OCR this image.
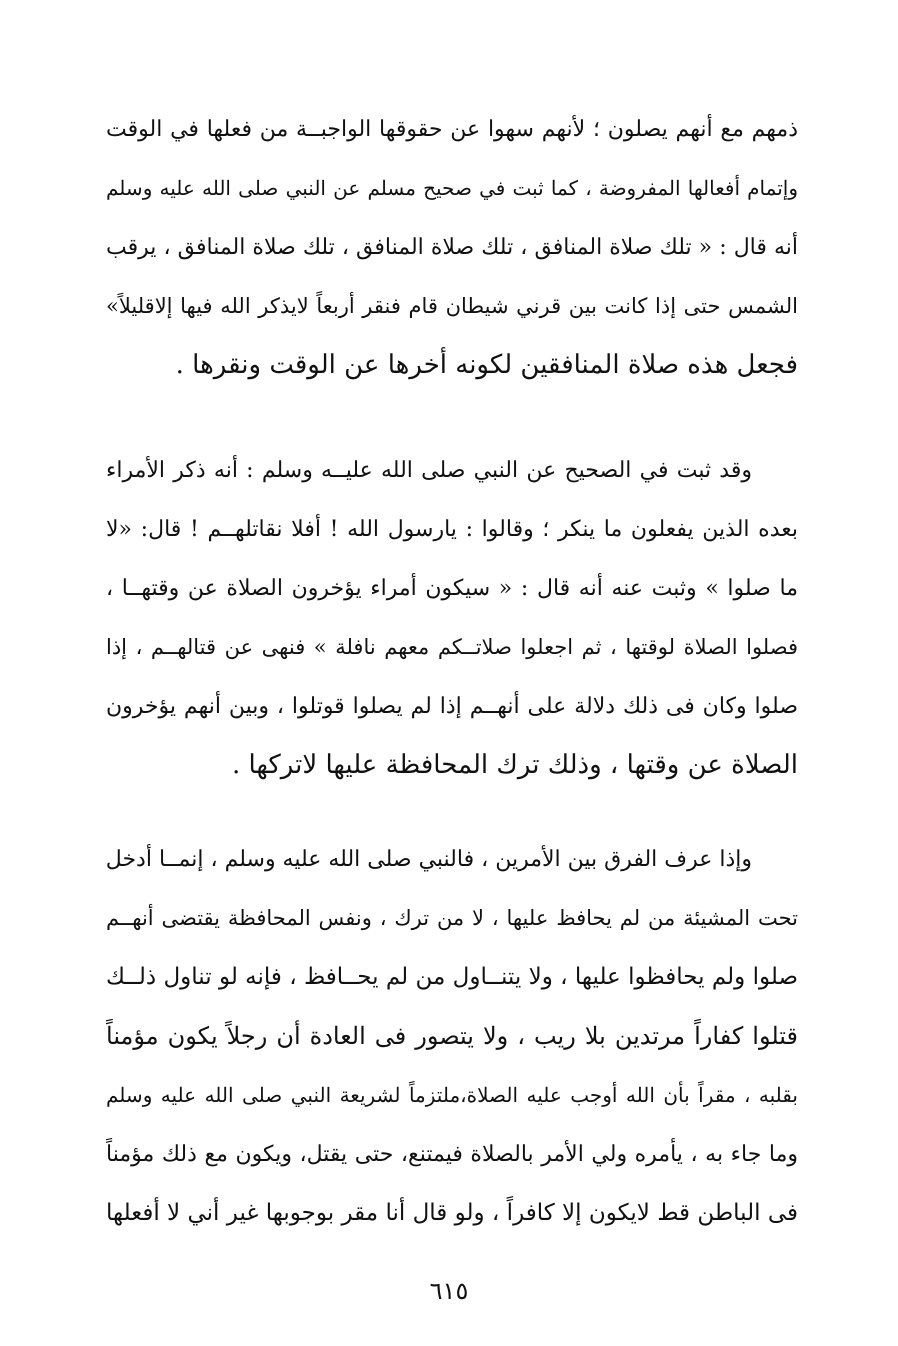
ذمهم مع أنهم يصلون ؛ لأنهم سهوا عن حقوقها الواجبــة من فعلها في الوقت
وإتمام أفعالها المفروضة ، كما ثبت في صحيح مسلم عن النبي صلى الله عليه وسلم
أنه قال : « تلك صلاة المنافق ، تلك صلاة المنافق ، تلك صلاة المنافق ، يرقب
الشمس حتى إذا كانت بين قرني شيطان قام فنقر أربعاً لايذكر الله فيها إلاقليلاً»
فجعل هذه صلاة المنافقين لكونه أخرها عن الوقت ونقرها .
وقد ثبت في الصحيح عن النبي صلى الله عليــه وسلم : أنه ذكر الأمراء
بعده الذين يفعلون ما ينكر ؛ وقالوا : يارسول الله ! أفلا نقاتلهــم ! قال: «لا
ما صلوا » وثبت عنه أنه قال : « سيكون أمراء يؤخرون الصلاة عن وقتهــا ،
فصلوا الصلاة لوقتها ، ثم اجعلوا صلاتــكم معهم نافلة » فنهى عن قتالهــم ، إذا
صلوا وكان فى ذلك دلالة على أنهــم إذا لم يصلوا قوتلوا ، وبين أنهم يؤخرون
الصلاة عن وقتها ، وذلك ترك المحافظة عليها لاتركها .
وإذا عرف الفرق بين الأمرين ، فالنبي صلى الله عليه وسلم ، إنمــا أدخل
تحت المشيئة من لم يحافظ عليها ، لا من ترك ، ونفس المحافظة يقتضى أنهــم
صلوا ولم يحافظوا عليها ، ولا يتنــاول من لم يحــافظ ، فإنه لو تناول ذلــك
قتلوا كفاراً مرتدين بلا ريب ، ولا يتصور فى العادة أن رجلاً يكون مؤمناً
بقلبه ، مقراً بأن الله أوجب عليه الصلاة،ملتزماً لشريعة النبي صلى الله عليه وسلم
وما جاء به ، يأمره ولي الأمر بالصلاة فيمتنع، حتى يقتل، ويكون مع ذلك مؤمناً
فى الباطن قط لايكون إلا كافراً ، ولو قال أنا مقر بوجوبها غير أني لا أفعلها
٦١٥
